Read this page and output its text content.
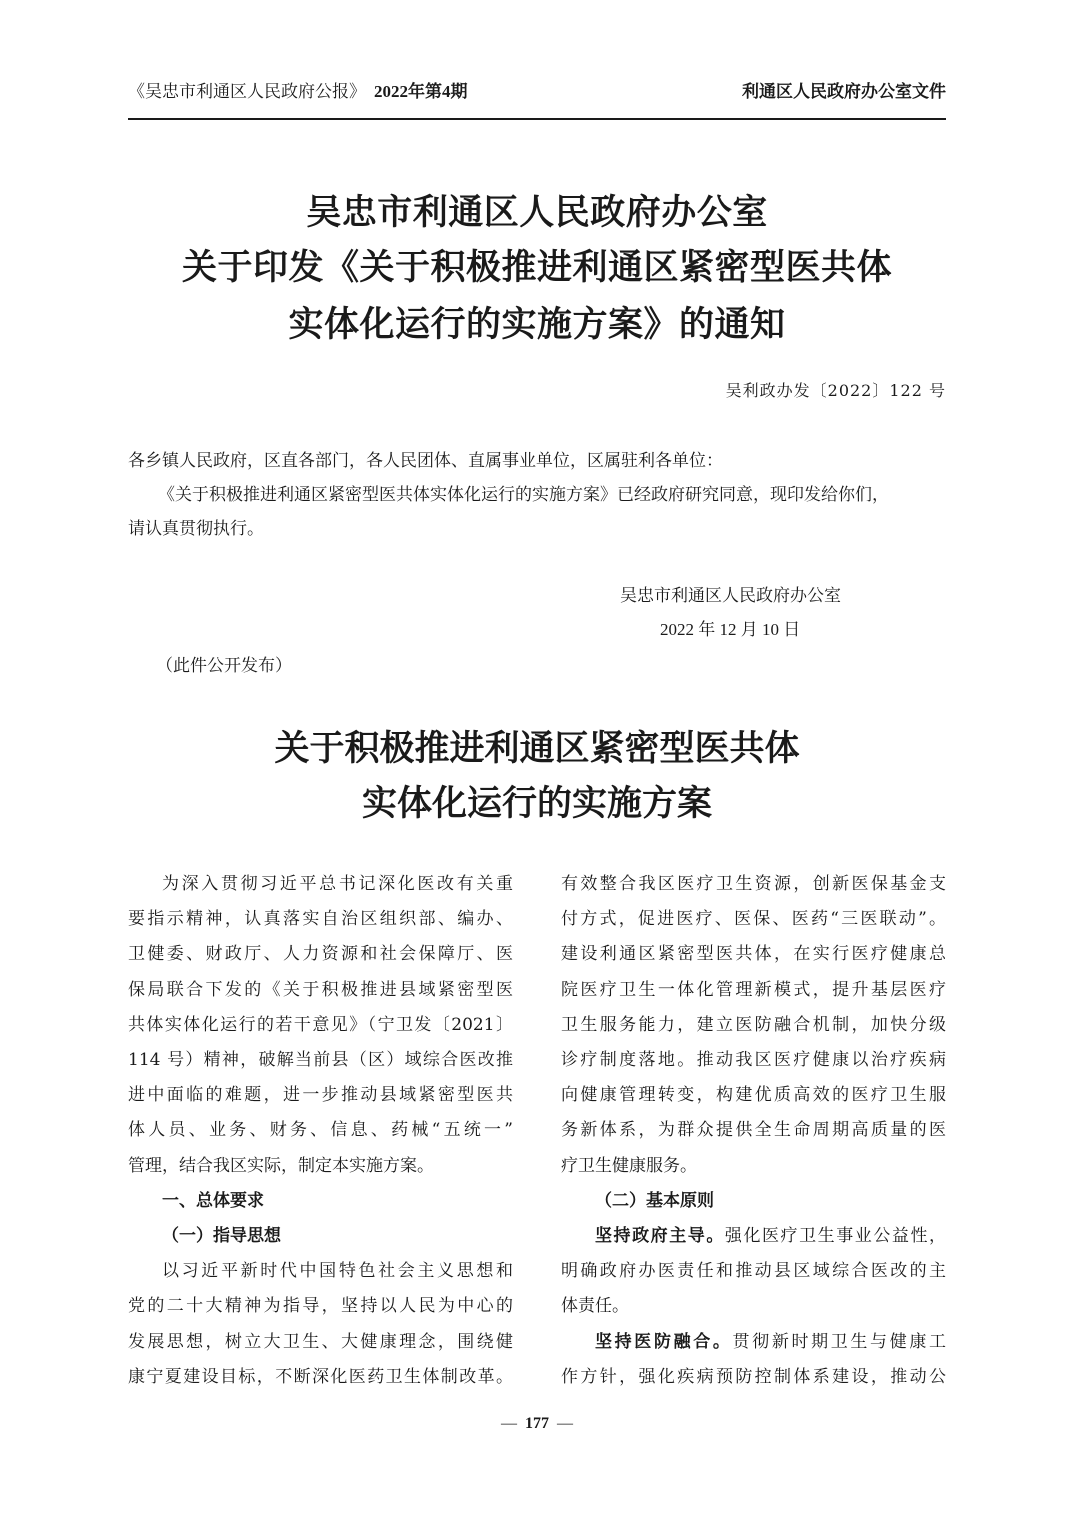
《吴忠市利通区人民政府公报》 2022年第4期	利通区人民政府办公室文件
吴忠市利通区人民政府办公室
关于印发《关于积极推进利通区紧密型医共体
实体化运行的实施方案》的通知
吴利政办发〔2022〕122 号
各乡镇人民政府，区直各部门，各人民团体、直属事业单位，区属驻利各单位：
《关于积极推进利通区紧密型医共体实体化运行的实施方案》已经政府研究同意，现印发给你们，
请认真贯彻执行。
吴忠市利通区人民政府办公室
2022 年 12 月 10 日
（此件公开发布）
关于积极推进利通区紧密型医共体
实体化运行的实施方案

为深入贯彻习近平总书记深化医改有关重
要指示精神，认真落实自治区组织部、编办、
卫健委、财政厅、人力资源和社会保障厅、医
保局联合下发的《关于积极推进县域紧密型医
共体实体化运行的若干意见》（宁卫发〔2021〕
114 号）精神，破解当前县（区）域综合医改推
进中面临的难题，进一步推动县域紧密型医共
体人员、业务、财务、信息、药械“五统一”
管理，结合我区实际，制定本实施方案。

一、总体要求

（一）指导思想

以习近平新时代中国特色社会主义思想和
党的二十大精神为指导，坚持以人民为中心的
发展思想，树立大卫生、大健康理念，围绕健
康宁夏建设目标，不断深化医药卫生体制改革。

有效整合我区医疗卫生资源，创新医保基金支
付方式，促进医疗、医保、医药“三医联动”。
建设利通区紧密型医共体，在实行医疗健康总
院医疗卫生一体化管理新模式，提升基层医疗
卫生服务能力，建立医防融合机制，加快分级
诊疗制度落地。推动我区医疗健康以治疗疾病
向健康管理转变，构建优质高效的医疗卫生服
务新体系，为群众提供全生命周期高质量的医
疗卫生健康服务。

（二）基本原则

坚持政府主导。强化医疗卫生事业公益性，
明确政府办医责任和推动县区域综合医改的主
体责任。

坚持医防融合。贯彻新时期卫生与健康工
作方针，强化疾病预防控制体系建设，推动公

— 177 —
